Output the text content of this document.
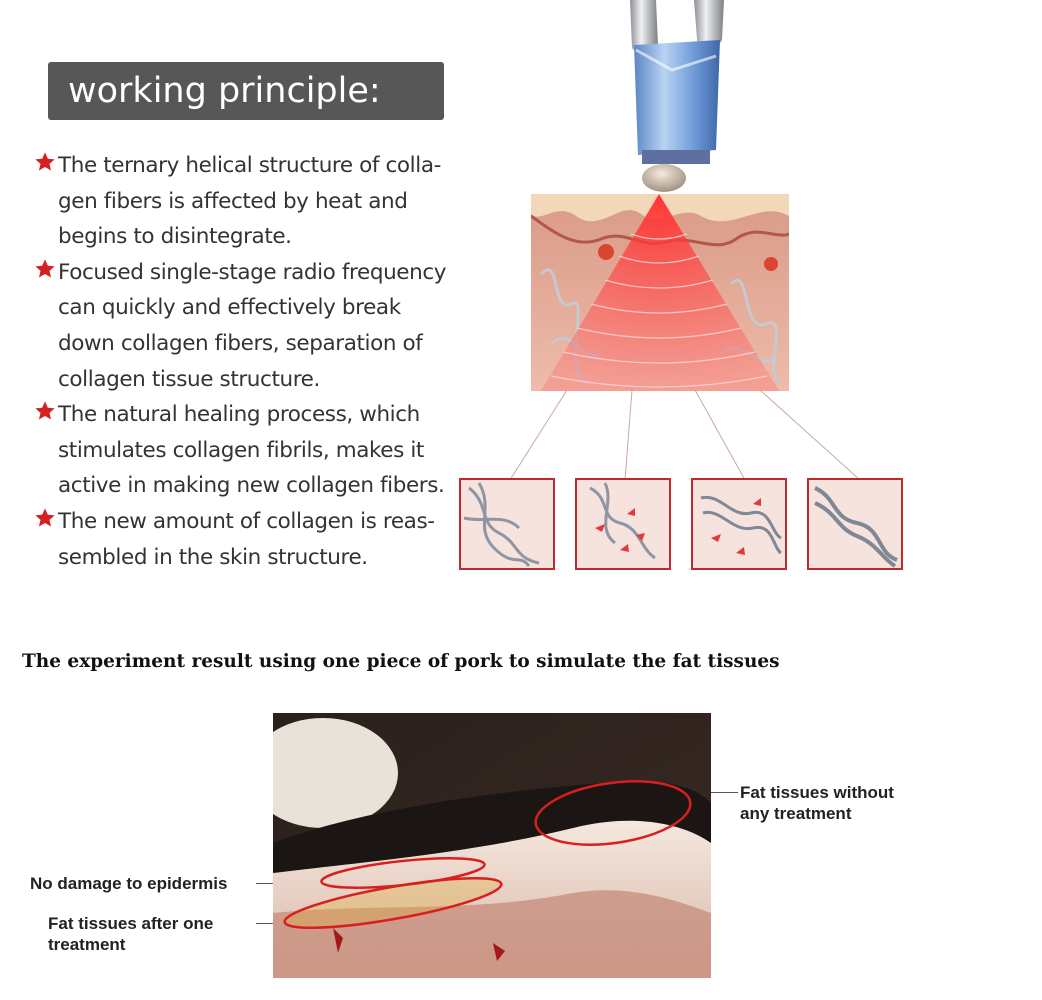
working principle:
The ternary helical structure of colla-
gen fibers is affected by heat and
begins to disintegrate.
Focused single-stage radio frequency
can quickly and effectively break
down collagen fibers, separation of
collagen tissue structure.
The natural healing process, which
stimulates collagen fibrils, makes it
active in making new collagen fibers.
The new amount of collagen is reas-
sembled in the skin structure.
The experiment result using one piece of pork to simulate the fat tissues
Fat tissues without
any treatment
No damage to epidermis
Fat tissues after one
treatment
